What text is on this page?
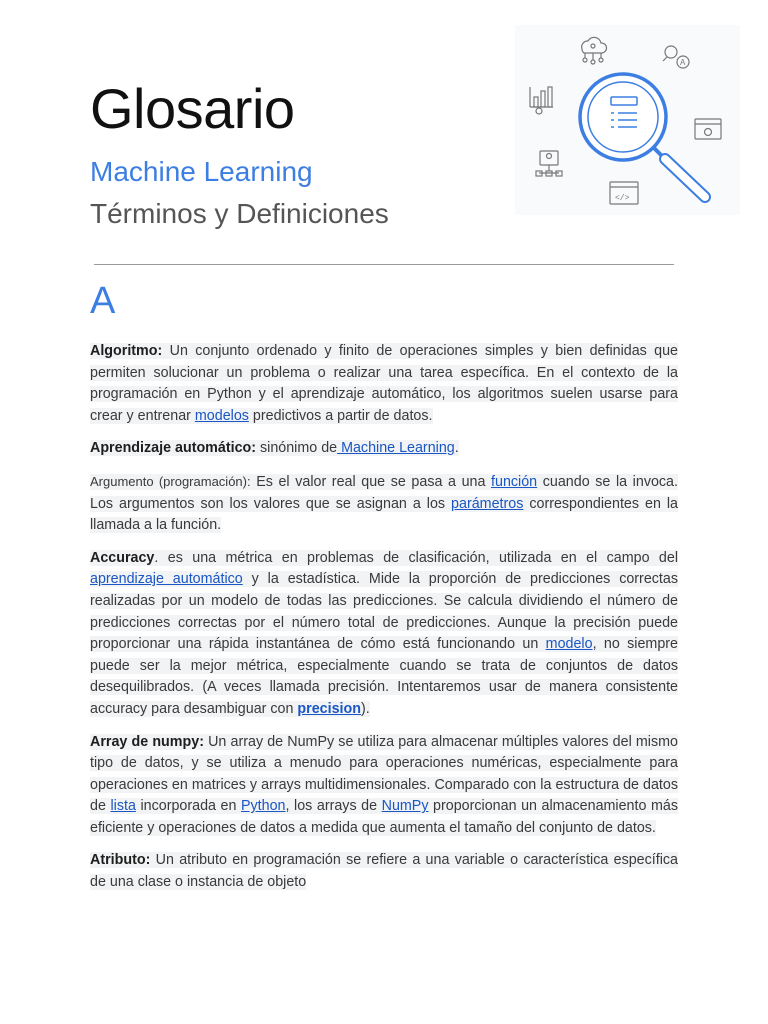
Glosario
Machine Learning
Términos y Definiciones
A
</>
A

Algoritmo: Un conjunto ordenado y finito de operaciones simples y bien definidas que permiten solucionar un problema o realizar una tarea específica. En el contexto de la programación en Python y el aprendizaje automático, los algoritmos suelen usarse para crear y entrenar modelos predictivos a partir de datos.

Aprendizaje automático: sinónimo de Machine Learning.

Argumento (programación): Es el valor real que se pasa a una función cuando se la invoca. Los argumentos son los valores que se asignan a los parámetros correspondientes en la llamada a la función.

Accuracy. es una métrica en problemas de clasificación, utilizada en el campo del aprendizaje automático y la estadística. Mide la proporción de predicciones correctas realizadas por un modelo de todas las predicciones. Se calcula dividiendo el número de predicciones correctas por el número total de predicciones. Aunque la precisión puede proporcionar una rápida instantánea de cómo está funcionando un modelo, no siempre puede ser la mejor métrica, especialmente cuando se trata de conjuntos de datos desequilibrados. (A veces llamada precisión. Intentaremos usar de manera consistente accuracy para desambiguar con precision).

Array de numpy: Un array de NumPy se utiliza para almacenar múltiples valores del mismo tipo de datos, y se utiliza a menudo para operaciones numéricas, especialmente para operaciones en matrices y arrays multidimensionales. Comparado con la estructura de datos de lista incorporada en Python, los arrays de NumPy proporcionan un almacenamiento más eficiente y operaciones de datos a medida que aumenta el tamaño del conjunto de datos.

Atributo: Un atributo en programación se refiere a una variable o característica específica de una clase o instancia de objeto
